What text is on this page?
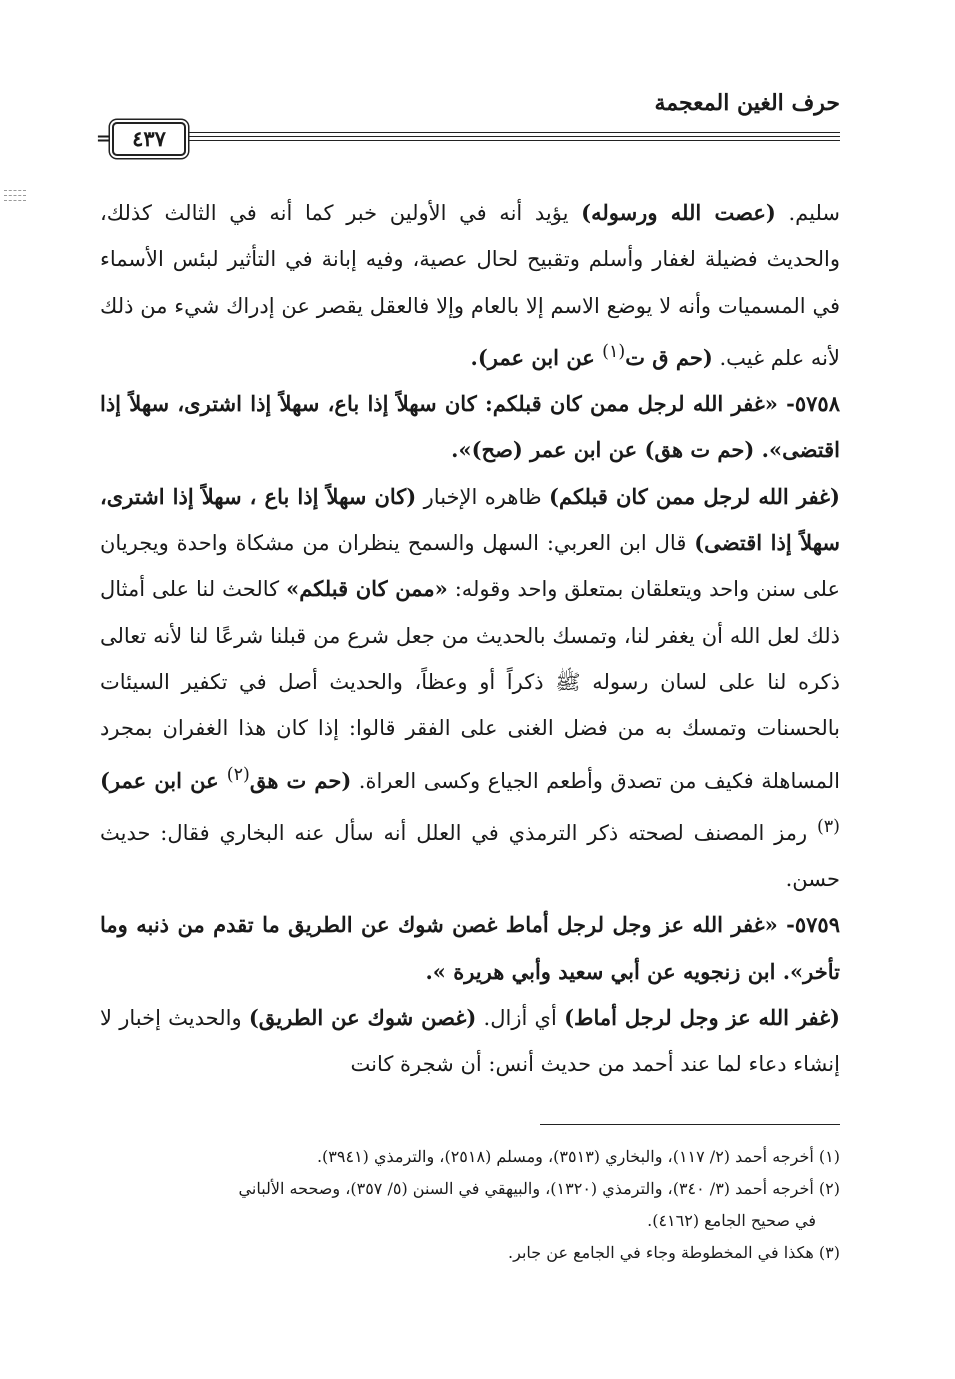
حرف الغين المعجمة
٤٣٧
=

سليم. (عصت الله ورسوله) يؤيد أنه في الأولين خبر كما أنه في الثالث كذلك، والحديث فضيلة لغفار وأسلم وتقبيح لحال عصية، وفيه إبانة في التأثير لبئس الأسماء في المسميات وأنه لا يوضع الاسم إلا بالعام وإلا فالعقل يقصر عن إدراك شيء من ذلك لأنه علم غيب. (حم ق ت$^{(١)}$ عن ابن عمر).

٥٧٥٨- «غفر الله لرجل ممن كان قبلكم: كان سهلاً إذا باع، سهلاً إذا اشترى، سهلاً إذا اقتضى». (حم ت هق) عن ابن عمر (صح)».

(غفر الله لرجل ممن كان قبلكم) ظاهره الإخبار (كان سهلاً إذا باع ، سهلاً إذا اشترى، سهلاً إذا اقتضى) قال ابن العربي: السهل والسمح ينظران من مشكاة واحدة ويجريان على سنن واحد ويتعلقان بمتعلق واحد وقوله: «ممن كان قبلكم» كالحث لنا على أمثال ذلك لعل الله أن يغفر لنا، وتمسك بالحديث من جعل شرع من قبلنا شرعًا لنا لأنه تعالى ذكره لنا على لسان رسوله ﷺ ذكراً أو وعظاً، والحديث أصل في تكفير السيئات بالحسنات وتمسك به من فضل الغنى على الفقر قالوا: إذا كان هذا الغفران بمجرد المساهلة فكيف من تصدق وأطعم الجياع وكسى العراة. (حم ت هق$^{(٢)}$ عن ابن عمر)$^{(٣)}$ رمز المصنف لصحته ذكر الترمذي في العلل أنه سأل عنه البخاري فقال: حديث حسن.

٥٧٥٩- «غفر الله عز وجل لرجل أماط غصن شوك عن الطريق ما تقدم من ذنبه وما تأخر». ابن زنجويه عن أبي سعيد وأبي هريرة ».

(غفر الله عز وجل لرجل أماط) أي أزال. (غصن شوك عن الطريق) والحديث إخبار لا إنشاء دعاء لما عند أحمد من حديث أنس: أن شجرة كانت

(١) أخرجه أحمد (٢/ ١١٧)، والبخاري (٣٥١٣)، ومسلم (٢٥١٨)، والترمذي (٣٩٤١).

(٢) أخرجه أحمد (٣/ ٣٤٠)، والترمذي (١٣٢٠)، والبيهقي في السنن (٥/ ٣٥٧)، وصححه الألباني

في صحيح الجامع (٤١٦٢).

(٣) هكذا في المخطوطة وجاء في الجامع عن جابر.
